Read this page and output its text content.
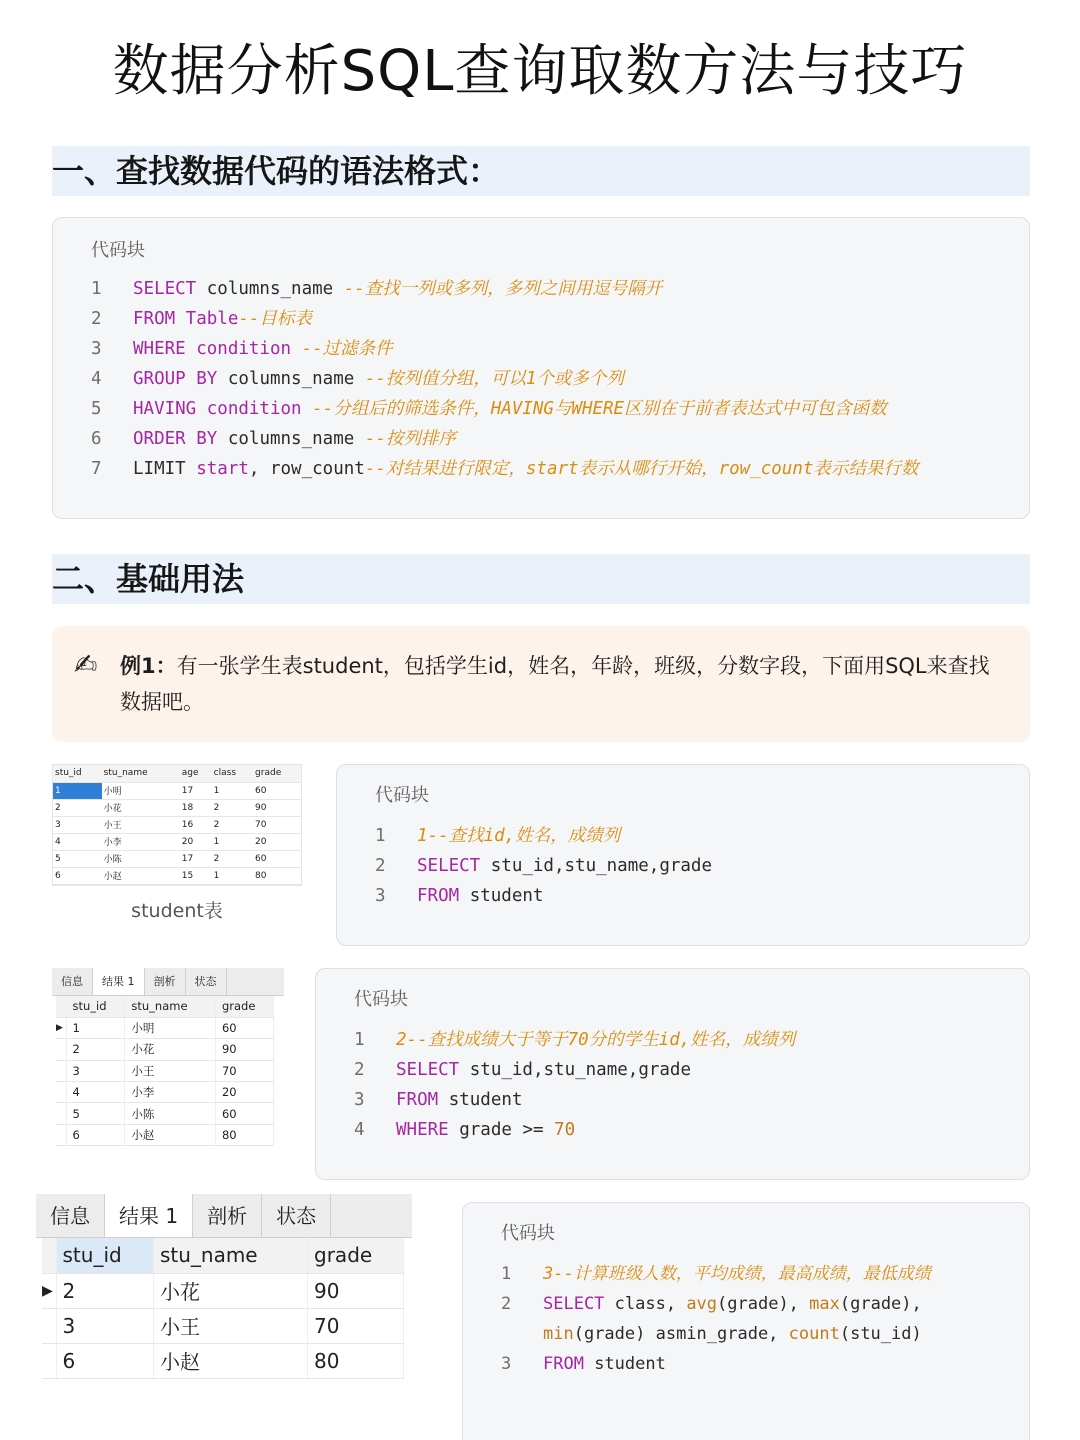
数据分析SQL查询取数方法与技巧
一、查找数据代码的语法格式：
代码块
1	SELECT columns_name --查找一列或多列，多列之间用逗号隔开
2	FROM Table --目标表
3	WHERE condition --过滤条件
4	GROUP BY columns_name --按列值分组，可以1个或多个列
5	HAVING condition --分组后的筛选条件，HAVING与WHERE区别在于前者表达式中可包含函数
6	ORDER BY columns_name --按列排序
7	LIMIT start , row_count --对结果进行限定，start表示从哪行开始，row_count表示结果行数
二、基础用法
✍ 例1：有一张学生表student，包括学生id，姓名，年龄，班级，分数字段，下面用SQL来查找数据吧。
stu_id	stu_name	age	class	grade
1	小明	17	1	60
2	小花	18	2	90
3	小王	16	2	70
4	小李	20	1	20
5	小陈	17	2	60
6	小赵	15	1	80
student表
代码块
1	1--查找id,姓名，成绩列
2	SELECT stu_id,stu_name,grade
3	FROM student
信息	结果 1	剖析	状态
	stu_id	stu_name	grade
▶	1	小明	60
	2	小花	90
	3	小王	70
	4	小李	20
	5	小陈	60
	6	小赵	80
代码块
1	2--查找成绩大于等于70分的学生id,姓名，成绩列
2	SELECT stu_id,stu_name,grade
3	FROM student
4	WHERE grade >= 70
信息	结果 1	剖析	状态
	stu_id	stu_name	grade
▶	2	小花	90
	3	小王	70
	6	小赵	80
代码块
1	3--计算班级人数，平均成绩，最高成绩，最低成绩
2	SELECT class, avg (grade), max (grade),
min (grade) asmin_grade, count (stu_id)
3	FROM student
